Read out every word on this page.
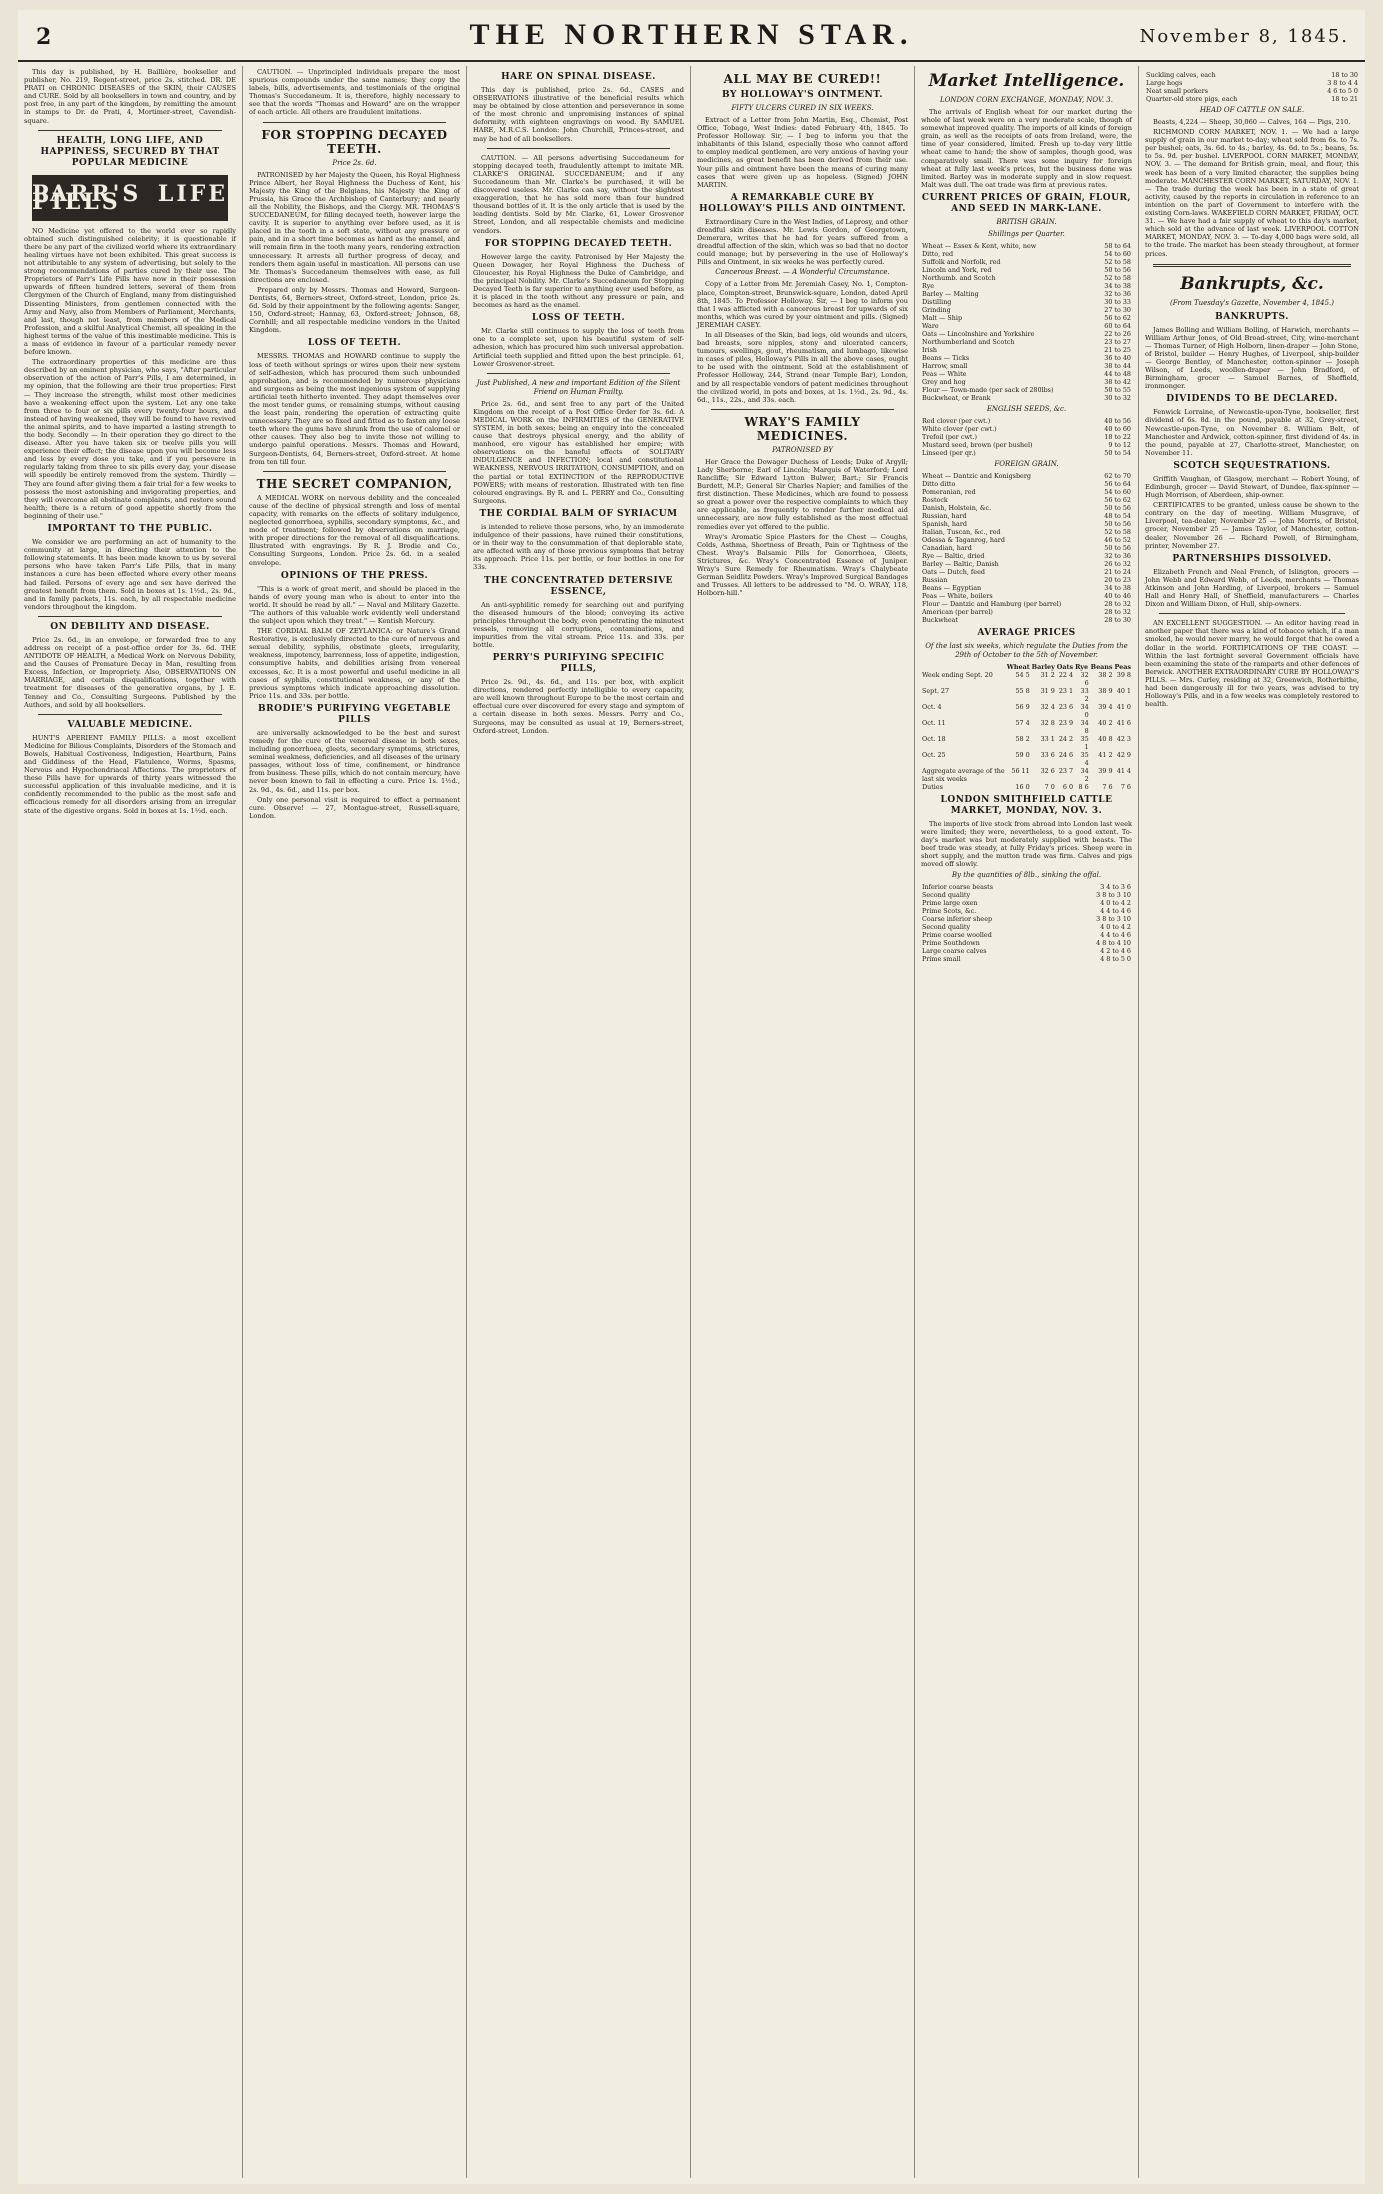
2	THE NORTHERN STAR.	November 8, 1845.

This day is published, by H. Baillière, bookseller and publisher, No. 219, Regent-street, price 2s. stitched. DR. DE PRATI on CHRONIC DISEASES of the SKIN, their CAUSES and CURE. Sold by all booksellers in town and country, and by post free, in any part of the kingdom, by remitting the amount in stamps to Dr. de Prati, 4, Mortimer-street, Cavendish-square.

HEALTH, LONG LIFE, AND HAPPINESS, SECURED BY THAT POPULAR MEDICINE
PARR'S LIFE PILLS

NO Medicine yet offered to the world ever so rapidly obtained such distinguished celebrity; it is questionable if there be any part of the civilized world where its extraordinary healing virtues have not been exhibited. This great success is not attributable to any system of advertising, but solely to the strong recommendations of parties cured by their use. The Proprietors of Parr's Life Pills have now in their possession upwards of fifteen hundred letters, several of them from Clergymen of the Church of England, many from distinguished Dissenting Ministers, from gentlemen connected with the Army and Navy, also from Members of Parliament, Merchants, and last, though not least, from members of the Medical Profession, and a skilful Analytical Chemist, all speaking in the highest terms of the value of this inestimable medicine. This is a mass of evidence in favour of a particular remedy never before known.

The extraordinary properties of this medicine are thus described by an eminent physician, who says, "After particular observation of the action of Parr's Pills, I am determined, in my opinion, that the following are their true properties: First — They increase the strength, whilst most other medicines have a weakening effect upon the system. Let any one take from three to four or six pills every twenty-four hours, and instead of having weakened, they will be found to have revived the animal spirits, and to have imparted a lasting strength to the body. Secondly — In their operation they go direct to the disease. After you have taken six or twelve pills you will experience their effect; the disease upon you will become less and less by every dose you take, and if you persevere in regularly taking from three to six pills every day, your disease will speedily be entirely removed from the system. Thirdly — They are found after giving them a fair trial for a few weeks to possess the most astonishing and invigorating properties, and they will overcome all obstinate complaints, and restore sound health; there is a return of good appetite shortly from the beginning of their use."

IMPORTANT TO THE PUBLIC.

We consider we are performing an act of humanity to the community at large, in directing their attention to the following statements. It has been made known to us by several persons who have taken Parr's Life Pills, that in many instances a cure has been effected where every other means had failed. Persons of every age and sex have derived the greatest benefit from them. Sold in boxes at 1s. 1½d., 2s. 9d., and in family packets, 11s. each, by all respectable medicine vendors throughout the kingdom.

ON DEBILITY AND DISEASE.

Price 2s. 6d., in an envelope, or forwarded free to any address on receipt of a post-office order for 3s. 6d. THE ANTIDOTE OF HEALTH, a Medical Work on Nervous Debility, and the Causes of Premature Decay in Man, resulting from Excess, Infection, or Impropriety. Also, OBSERVATIONS ON MARRIAGE, and certain disqualifications, together with treatment for diseases of the generative organs, by J. E. Tenney and Co., Consulting Surgeons. Published by the Authors, and sold by all booksellers.

VALUABLE MEDICINE.

HUNT'S APERIENT FAMILY PILLS: a most excellent Medicine for Bilious Complaints, Disorders of the Stomach and Bowels, Habitual Costiveness, Indigestion, Heartburn, Pains and Giddiness of the Head, Flatulence, Worms, Spasms, Nervous and Hypochondriacal Affections. The proprietors of these Pills have for upwards of thirty years witnessed the successful application of this invaluable medicine, and it is confidently recommended to the public as the most safe and efficacious remedy for all disorders arising from an irregular state of the digestive organs. Sold in boxes at 1s. 1½d. each.

CAUTION. — Unprincipled individuals prepare the most spurious compounds under the same names; they copy the labels, bills, advertisements, and testimonials of the original Thomas's Succedaneum. It is, therefore, highly necessary to see that the words "Thomas and Howard" are on the wrapper of each article. All others are fraudulent imitations.

FOR STOPPING DECAYED TEETH.
Price 2s. 6d.

PATRONISED by her Majesty the Queen, his Royal Highness Prince Albert, her Royal Highness the Duchess of Kent, his Majesty the King of the Belgians, his Majesty the King of Prussia, his Grace the Archbishop of Canterbury; and nearly all the Nobility, the Bishops, and the Clergy. MR. THOMAS'S SUCCEDANEUM, for filling decayed teeth, however large the cavity. It is superior to anything ever before used, as it is placed in the tooth in a soft state, without any pressure or pain, and in a short time becomes as hard as the enamel, and will remain firm in the tooth many years, rendering extraction unnecessary. It arrests all further progress of decay, and renders them again useful in mastication. All persons can use Mr. Thomas's Succedaneum themselves with ease, as full directions are enclosed.

Prepared only by Messrs. Thomas and Howard, Surgeon-Dentists, 64, Berners-street, Oxford-street, London, price 2s. 6d. Sold by their appointment by the following agents: Sanger, 150, Oxford-street; Hannay, 63, Oxford-street; Johnson, 68, Cornhill; and all respectable medicine vendors in the United Kingdom.

LOSS OF TEETH.

MESSRS. THOMAS and HOWARD continue to supply the loss of teeth without springs or wires upon their new system of self-adhesion, which has procured them such unbounded approbation, and is recommended by numerous physicians and surgeons as being the most ingenious system of supplying artificial teeth hitherto invented. They adapt themselves over the most tender gums, or remaining stumps, without causing the least pain, rendering the operation of extracting quite unnecessary. They are so fixed and fitted as to fasten any loose teeth where the gums have shrunk from the use of calomel or other causes. They also beg to invite those not willing to undergo painful operations. Messrs. Thomas and Howard, Surgeon-Dentists, 64, Berners-street, Oxford-street. At home from ten till four.

THE SECRET COMPANION,

A MEDICAL WORK on nervous debility and the concealed cause of the decline of physical strength and loss of mental capacity, with remarks on the effects of solitary indulgence, neglected gonorrhoea, syphilis, secondary symptoms, &c., and mode of treatment; followed by observations on marriage, with proper directions for the removal of all disqualifications. Illustrated with engravings. By R. J. Brodie and Co., Consulting Surgeons, London. Price 2s. 6d. in a sealed envelope.

OPINIONS OF THE PRESS.

"This is a work of great merit, and should be placed in the hands of every young man who is about to enter into the world. It should be read by all." — Naval and Military Gazette. "The authors of this valuable work evidently well understand the subject upon which they treat." — Kentish Mercury.

THE CORDIAL BALM OF ZEYLANICA: or Nature's Grand Restorative, is exclusively directed to the cure of nervous and sexual debility, syphilis, obstinate gleets, irregularity, weakness, impotency, barrenness, loss of appetite, indigestion, consumptive habits, and debilities arising from venereal excesses, &c. It is a most powerful and useful medicine in all cases of syphilis, constitutional weakness, or any of the previous symptoms which indicate approaching dissolution. Price 11s. and 33s. per bottle.

BRODIE'S PURIFYING VEGETABLE PILLS

are universally acknowledged to be the best and surest remedy for the cure of the venereal disease in both sexes, including gonorrhoea, gleets, secondary symptoms, strictures, seminal weakness, deficiencies, and all diseases of the urinary passages, without loss of time, confinement, or hindrance from business. These pills, which do not contain mercury, have never been known to fail in effecting a cure. Price 1s. 1½d., 2s. 9d., 4s. 6d., and 11s. per box.

Only one personal visit is required to effect a permanent cure. Observe! — 27, Montague-street, Russell-square, London.

HARE ON SPINAL DISEASE.

This day is published, price 2s. 6d., CASES and OBSERVATIONS illustrative of the beneficial results which may be obtained by close attention and perseverance in some of the most chronic and unpromising instances of spinal deformity, with eighteen engravings on wood. By SAMUEL HARE, M.R.C.S. London: John Churchill, Princes-street, and may be had of all booksellers.

CAUTION. — All persons advertising Succedaneum for stopping decayed teeth, fraudulently attempt to imitate MR. CLARKE'S ORIGINAL SUCCEDANEUM; and if any Succedaneum than Mr. Clarke's be purchased, it will be discovered useless. Mr. Clarke can say, without the slightest exaggeration, that he has sold more than four hundred thousand bottles of it. It is the only article that is used by the leading dentists. Sold by Mr. Clarke, 61, Lower Grosvenor Street, London, and all respectable chemists and medicine vendors.

FOR STOPPING DECAYED TEETH.

However large the cavity. Patronised by Her Majesty the Queen Dowager, her Royal Highness the Duchess of Gloucester, his Royal Highness the Duke of Cambridge, and the principal Nobility. Mr. Clarke's Succedaneum for Stopping Decayed Teeth is far superior to anything ever used before, as it is placed in the tooth without any pressure or pain, and becomes as hard as the enamel.

LOSS OF TEETH.

Mr. Clarke still continues to supply the loss of teeth from one to a complete set, upon his beautiful system of self-adhesion, which has procured him such universal approbation. Artificial teeth supplied and fitted upon the best principle. 61, Lower Grosvenor-street.

Just Published, A new and important Edition of the Silent Friend on Human Frailty.

Price 2s. 6d., and sent free to any part of the United Kingdom on the receipt of a Post Office Order for 3s. 6d. A MEDICAL WORK on the INFIRMITIES of the GENERATIVE SYSTEM, in both sexes; being an enquiry into the concealed cause that destroys physical energy, and the ability of manhood, ere vigour has established her empire; with observations on the baneful effects of SOLITARY INDULGENCE and INFECTION; local and constitutional WEAKNESS, NERVOUS IRRITATION, CONSUMPTION, and on the partial or total EXTINCTION of the REPRODUCTIVE POWERS; with means of restoration. Illustrated with ten fine coloured engravings. By R. and L. PERRY and Co., Consulting Surgeons.

THE CORDIAL BALM OF SYRIACUM

is intended to relieve those persons, who, by an immoderate indulgence of their passions, have ruined their constitutions, or in their way to the consummation of that deplorable state, are affected with any of those previous symptoms that betray its approach. Price 11s. per bottle, or four bottles in one for 33s.

THE CONCENTRATED DETERSIVE ESSENCE,

An anti-syphilitic remedy for searching out and purifying the diseased humours of the blood; conveying its active principles throughout the body, even penetrating the minutest vessels, removing all corruptions, contaminations, and impurities from the vital stream. Price 11s. and 33s. per bottle.

PERRY'S PURIFYING SPECIFIC PILLS,

Price 2s. 9d., 4s. 6d., and 11s. per box, with explicit directions, rendered perfectly intelligible to every capacity, are well known throughout Europe to be the most certain and effectual cure ever discovered for every stage and symptom of a certain disease in both sexes. Messrs. Perry and Co., Surgeons, may be consulted as usual at 19, Berners-street, Oxford-street, London.

ALL MAY BE CURED!!
BY HOLLOWAY'S OINTMENT.
FIFTY ULCERS CURED IN SIX WEEKS.

Extract of a Letter from John Martin, Esq., Chemist, Post Office, Tobago, West Indies: dated February 4th, 1845. To Professor Holloway. Sir, — I beg to inform you that the inhabitants of this Island, especially those who cannot afford to employ medical gentlemen, are very anxious of having your medicines, as great benefit has been derived from their use. Your pills and ointment have been the means of curing many cases that were given up as hopeless. (Signed) JOHN MARTIN.

A REMARKABLE CURE BY HOLLOWAY'S PILLS AND OINTMENT.

Extraordinary Cure in the West Indies, of Leprosy, and other dreadful skin diseases. Mr. Lewis Gordon, of Georgetown, Demerara, writes that he had for years suffered from a dreadful affection of the skin, which was so bad that no doctor could manage; but by persevering in the use of Holloway's Pills and Ointment, in six weeks he was perfectly cured.

Cancerous Breast. — A Wonderful Circumstance.

Copy of a Letter from Mr. Jeremiah Casey, No. 1, Compton-place, Compton-street, Brunswick-square, London, dated April 8th, 1845. To Professor Holloway. Sir, — I beg to inform you that I was afflicted with a cancerous breast for upwards of six months, which was cured by your ointment and pills. (Signed) JEREMIAH CASEY.

In all Diseases of the Skin, bad legs, old wounds and ulcers, bad breasts, sore nipples, stony and ulcerated cancers, tumours, swellings, gout, rheumatism, and lumbago, likewise in cases of piles, Holloway's Pills in all the above cases, ought to be used with the ointment. Sold at the establishment of Professor Holloway, 244, Strand (near Temple Bar), London, and by all respectable vendors of patent medicines throughout the civilized world, in pots and boxes, at 1s. 1½d., 2s. 9d., 4s. 6d., 11s., 22s., and 33s. each.

WRAY'S FAMILY MEDICINES.
PATRONISED BY

Her Grace the Dowager Duchess of Leeds; Duke of Argyll; Lady Sherborne; Earl of Lincoln; Marquis of Waterford; Lord Rancliffe; Sir Edward Lytton Bulwer, Bart.; Sir Francis Burdett, M.P.; General Sir Charles Napier; and families of the first distinction. These Medicines, which are found to possess so great a power over the respective complaints to which they are applicable, as frequently to render further medical aid unnecessary, are now fully established as the most effectual remedies ever yet offered to the public.

Wray's Aromatic Spice Plasters for the Chest — Coughs, Colds, Asthma, Shortness of Breath, Pain or Tightness of the Chest. Wray's Balsamic Pills for Gonorrhoea, Gleets, Strictures, &c. Wray's Concentrated Essence of Juniper. Wray's Sure Remedy for Rheumatism. Wray's Chalybeate German Seidlitz Powders. Wray's Improved Surgical Bandages and Trusses. All letters to be addressed to "M. O. WRAY, 118, Holborn-hill."

Market Intelligence.
LONDON CORN EXCHANGE, MONDAY, NOV. 3.

The arrivals of English wheat for our market during the whole of last week were on a very moderate scale, though of somewhat improved quality. The imports of all kinds of foreign grain, as well as the receipts of oats from Ireland, were, the time of year considered, limited. Fresh up to-day very little wheat came to hand; the show of samples, though good, was comparatively small. There was some inquiry for foreign wheat at fully last week's prices, but the business done was limited. Barley was in moderate supply and in slow request. Malt was dull. The oat trade was firm at previous rates.

CURRENT PRICES OF GRAIN, FLOUR, AND SEED IN MARK-LANE.
BRITISH GRAIN.
Shillings per Quarter.
Wheat — Essex & Kent, white, new	58 to 64
Ditto, red	54 to 60
Suffolk and Norfolk, red	52 to 58
Lincoln and York, red	50 to 56
Northumb. and Scotch	52 to 58
Rye	34 to 38
Barley — Malting	32 to 36
Distilling	30 to 33
Grinding	27 to 30
Malt — Ship	56 to 62
Ware	60 to 64
Oats — Lincolnshire and Yorkshire	22 to 26
Northumberland and Scotch	23 to 27
Irish	21 to 25
Beans — Ticks	36 to 40
Harrow, small	38 to 44
Peas — White	44 to 48
Grey and hog	38 to 42
Flour — Town-made (per sack of 280lbs)	50 to 55
Buckwheat, or Brank	30 to 32
ENGLISH SEEDS, &c.
Red clover (per cwt.)	40 to 56
White clover (per cwt.)	40 to 60
Trefoil (per cwt.)	18 to 22
Mustard seed, brown (per bushel)	9 to 12
Linseed (per qr.)	50 to 54
FOREIGN GRAIN.
Wheat — Dantzic and Konigsberg	62 to 70
Ditto ditto	56 to 64
Pomeranian, red	54 to 60
Rostock	56 to 62
Danish, Holstein, &c.	50 to 56
Russian, hard	48 to 54
Spanish, hard	50 to 56
Italian, Tuscan, &c., red	52 to 58
Odessa & Taganrog, hard	46 to 52
Canadian, hard	50 to 56
Rye — Baltic, dried	32 to 36
Barley — Baltic, Danish	26 to 32
Oats — Dutch, feed	21 to 24
Russian	20 to 23
Beans — Egyptian	34 to 38
Peas — White, boilers	40 to 46
Flour — Dantzic and Hamburg (per barrel)	28 to 32
American (per barrel)	28 to 32
Buckwheat	28 to 30
AVERAGE PRICES
Of the last six weeks, which regulate the Duties from the 29th of October to the 5th of November.
	Wheat	Barley	Oats	Rye	Beans	Peas
Week ending Sept. 20	54 5	31 2	22 4	32 6	38 2	39 8
Sept. 27	55 8	31 9	23 1	33 2	38 9	40 1
Oct. 4	56 9	32 4	23 6	34 0	39 4	41 0
Oct. 11	57 4	32 8	23 9	34 8	40 2	41 6
Oct. 18	58 2	33 1	24 2	35 1	40 8	42 3
Oct. 25	59 0	33 6	24 6	35 4	41 2	42 9
Aggregate average of the last six weeks	56 11	32 6	23 7	34 2	39 9	41 4
Duties	16 0	7 0	6 0	8 6	7 6	7 6
LONDON SMITHFIELD CATTLE MARKET, MONDAY, NOV. 3.

The imports of live stock from abroad into London last week were limited; they were, nevertheless, to a good extent. To-day's market was but moderately supplied with beasts. The beef trade was steady, at fully Friday's prices. Sheep were in short supply, and the mutton trade was firm. Calves and pigs moved off slowly.

By the quantities of 8lb., sinking the offal.
Inferior coarse beasts	3 4 to 3 6
Second quality	3 8 to 3 10
Prime large oxen	4 0 to 4 2
Prime Scots, &c.	4 4 to 4 6
Coarse inferior sheep	3 8 to 3 10
Second quality	4 0 to 4 2
Prime coarse woolled	4 4 to 4 6
Prime Southdown	4 8 to 4 10
Large coarse calves	4 2 to 4 6
Prime small	4 8 to 5 0
Suckling calves, each	18 to 30
Large hogs	3 8 to 4 4
Neat small porkers	4 6 to 5 0
Quarter-old store pigs, each	18 to 21
HEAD OF CATTLE ON SALE.

Beasts, 4,224 — Sheep, 30,060 — Calves, 164 — Pigs, 210.

RICHMOND CORN MARKET, NOV. 1. — We had a large supply of grain in our market to-day; wheat sold from 6s. to 7s. per bushel; oats, 3s. 6d. to 4s.; barley, 4s. 6d. to 5s.; beans, 5s. to 5s. 9d. per bushel. LIVERPOOL CORN MARKET, MONDAY, NOV. 3. — The demand for British grain, meal, and flour, this week has been of a very limited character, the supplies being moderate. MANCHESTER CORN MARKET, SATURDAY, NOV. 1. — The trade during the week has been in a state of great activity, caused by the reports in circulation in reference to an intention on the part of Government to interfere with the existing Corn-laws. WAKEFIELD CORN MARKET, FRIDAY, OCT. 31. — We have had a fair supply of wheat to this day's market, which sold at the advance of last week. LIVERPOOL COTTON MARKET, MONDAY, NOV. 3. — To-day 4,000 bags were sold, all to the trade. The market has been steady throughout, at former prices.

Bankrupts, &c.
(From Tuesday's Gazette, November 4, 1845.)
BANKRUPTS.

James Bolling and William Bolling, of Harwich, merchants — William Arthur Jones, of Old Broad-street, City, wine-merchant — Thomas Turner, of High Holborn, linen-draper — John Stone, of Bristol, builder — Henry Hughes, of Liverpool, ship-builder — George Bentley, of Manchester, cotton-spinner — Joseph Wilson, of Leeds, woollen-draper — John Bradford, of Birmingham, grocer — Samuel Barnes, of Sheffield, ironmonger.

DIVIDENDS TO BE DECLARED.

Fenwick Lorraine, of Newcastle-upon-Tyne, bookseller, first dividend of 6s. 8d. in the pound, payable at 32, Grey-street, Newcastle-upon-Tyne, on November 8. William Belt, of Manchester and Ardwick, cotton-spinner, first dividend of 4s. in the pound, payable at 27, Charlotte-street, Manchester, on November 11.

SCOTCH SEQUESTRATIONS.

Griffith Vaughan, of Glasgow, merchant — Robert Young, of Edinburgh, grocer — David Stewart, of Dundee, flax-spinner — Hugh Morrison, of Aberdeen, ship-owner.

CERTIFICATES to be granted, unless cause be shown to the contrary on the day of meeting. William Musgrave, of Liverpool, tea-dealer, November 25 — John Morris, of Bristol, grocer, November 25 — James Taylor, of Manchester, cotton-dealer, November 26 — Richard Powell, of Birmingham, printer, November 27.

PARTNERSHIPS DISSOLVED.

Elizabeth French and Neal French, of Islington, grocers — John Webb and Edward Webb, of Leeds, merchants — Thomas Atkinson and John Harding, of Liverpool, brokers — Samuel Hall and Henry Hall, of Sheffield, manufacturers — Charles Dixon and William Dixon, of Hull, ship-owners.

AN EXCELLENT SUGGESTION. — An editor having read in another paper that there was a kind of tobacco which, if a man smoked, he would never marry, he would forget that he owed a dollar in the world. FORTIFICATIONS OF THE COAST. — Within the last fortnight several Government officials have been examining the state of the ramparts and other defences of Berwick. ANOTHER EXTRAORDINARY CURE BY HOLLOWAY'S PILLS. — Mrs. Curley, residing at 32, Greenwich, Rotherhithe, had been dangerously ill for two years, was advised to try Holloway's Pills, and in a few weeks was completely restored to health.
